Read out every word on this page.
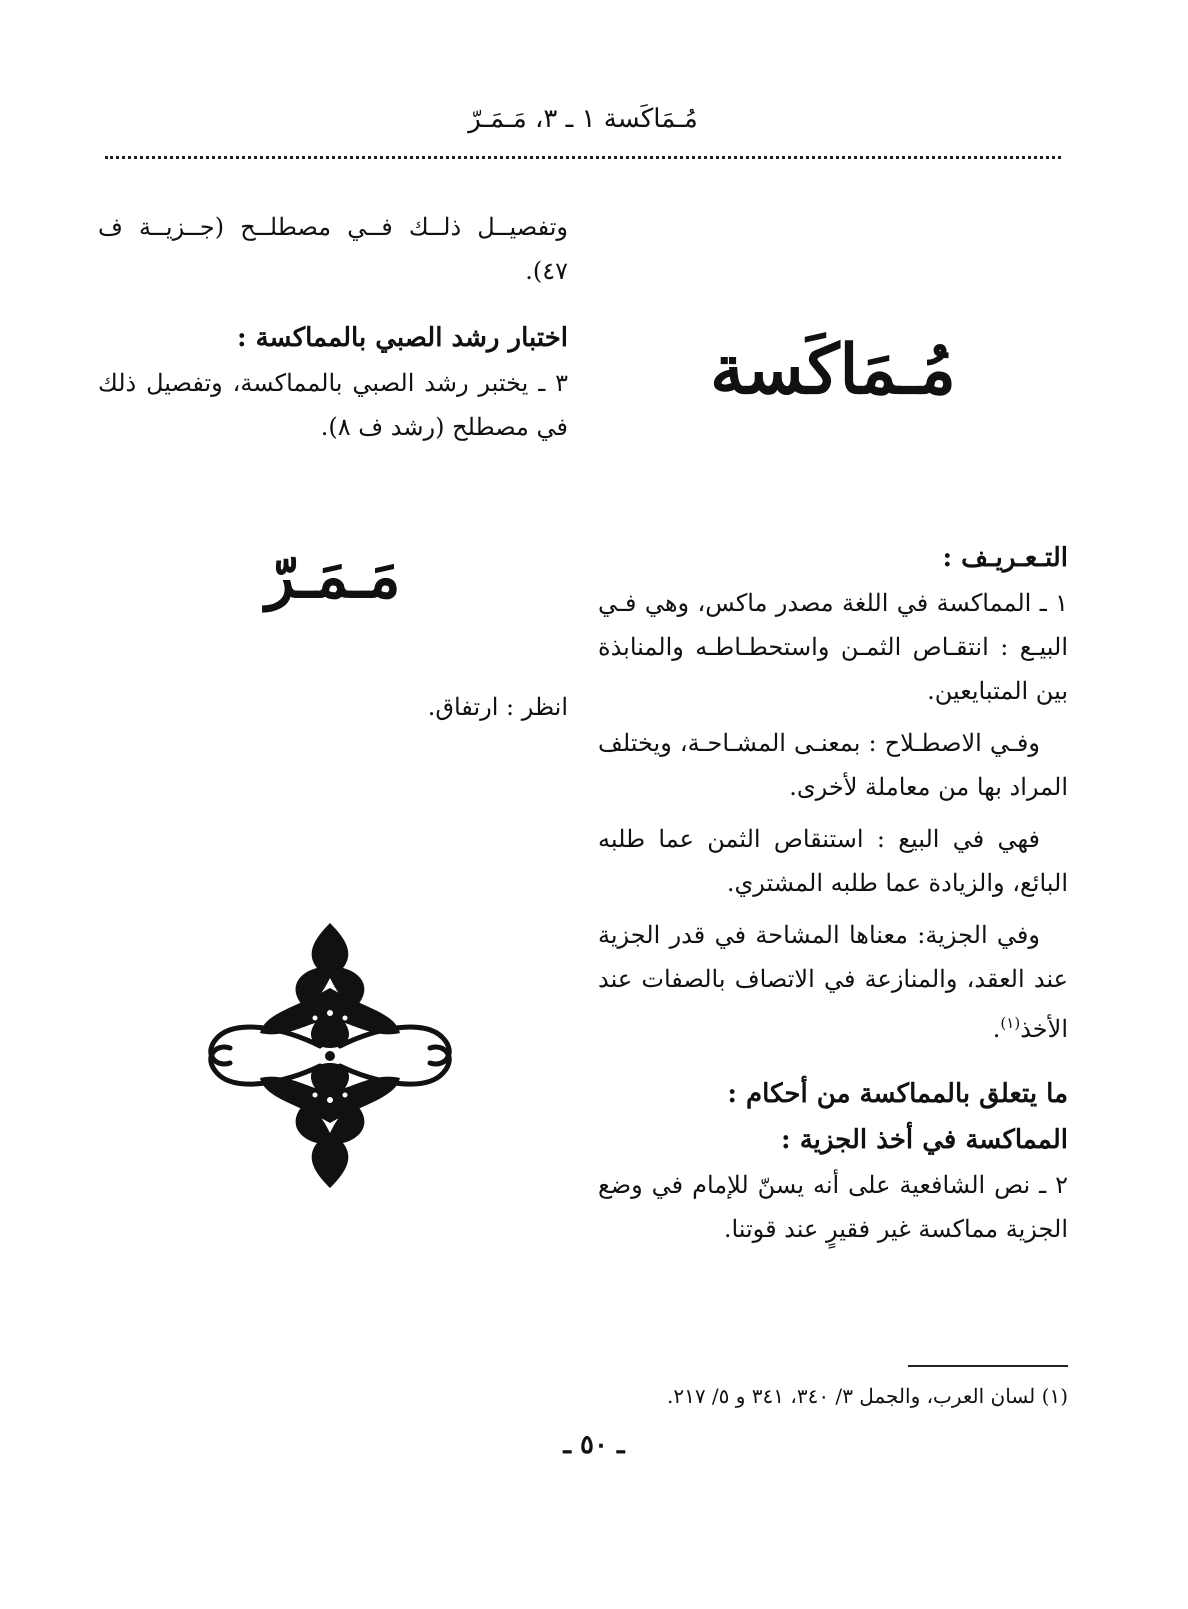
مُـمَاكَسة ١ ـ ٣، مَـمَـرّ

وتفصيــل ذلــك فــي مصطلــح (جــزيــة ف ٤٧).

اختبار رشد الصبي بالمماكسة :

٣ ـ يختبر رشد الصبي بالمماكسة، وتفصيل ذلك في مصطلح (رشد ف ٨).

مَـمَـرّ

انظر : ارتفاق.

مُـمَاكَسة

التـعـريـف :

١ ـ المماكسة في اللغة مصدر ماكس، وهي فـي البيـع : انتقـاص الثمـن واستحطـاطـه والمنابذة بين المتبايعين.

وفـي الاصطـلاح : بمعنـى المشـاحـة، ويختلف المراد بها من معاملة لأخرى.

فهي في البيع : استنقاص الثمن عما طلبه البائع، والزيادة عما طلبه المشتري.

وفي الجزية: معناها المشاحة في قدر الجزية عند العقد، والمنازعة في الاتصاف بالصفات عند الأخذ$^{(١)}$.

ما يتعلق بالمماكسة من أحكام :

المماكسة في أخذ الجزية :

٢ ـ نص الشافعية على أنه يسنّ للإمام في وضع الجزية مماكسة غير فقيرٍ عند قوتنا.

(١) لسان العرب، والجمل ٣/ ٣٤٠، ٣٤١ و ٥/ ٢١٧.
ـ ٥٠ ـ
